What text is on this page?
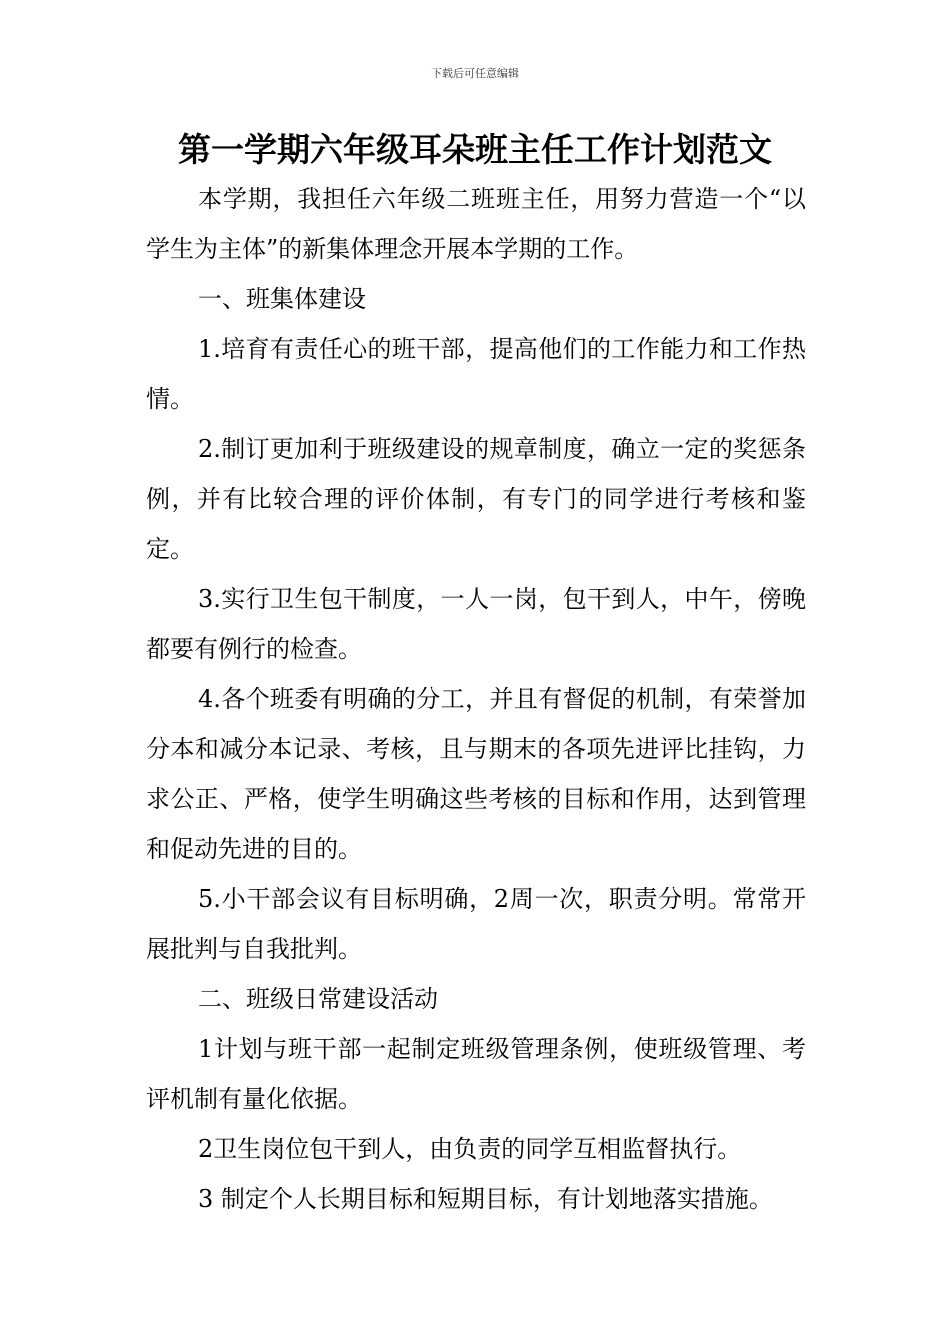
下载后可任意编辑
第一学期六年级耳朵班主任工作计划范文

本学期，我担任六年级二班班主任，用努力营造一个“以学生为主体”的新集体理念开展本学期的工作。

一、班集体建设

1.培育有责任心的班干部，提高他们的工作能力和工作热情。

2.制订更加利于班级建设的规章制度，确立一定的奖惩条例，并有比较合理的评价体制，有专门的同学进行考核和鉴定。

3.实行卫生包干制度，一人一岗，包干到人，中午，傍晚都要有例行的检查。

4.各个班委有明确的分工，并且有督促的机制，有荣誉加分本和减分本记录、考核，且与期末的各项先进评比挂钩，力求公正、严格，使学生明确这些考核的目标和作用，达到管理和促动先进的目的。

5.小干部会议有目标明确，2周一次，职责分明。常常开展批判与自我批判。

二、班级日常建设活动

1计划与班干部一起制定班级管理条例，使班级管理、考评机制有量化依据。

2卫生岗位包干到人，由负责的同学互相监督执行。

3 制定个人长期目标和短期目标，有计划地落实措施。
